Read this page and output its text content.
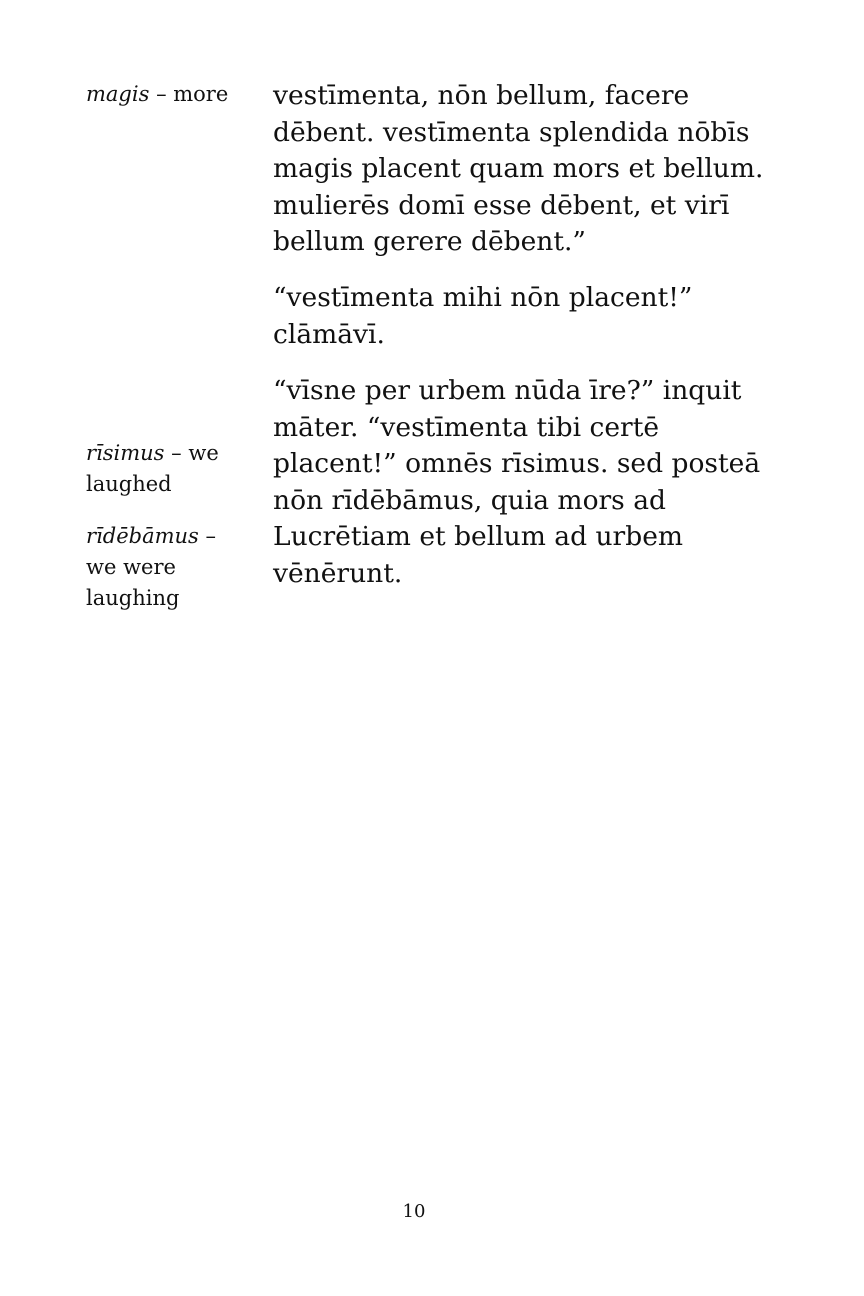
magis – more

rīsimus – we
laughed

rīdēbāmus –
we were
laughing

vestīmenta, nōn bellum, facere
dēbent. vestīmenta splendida nōbīs
magis placent quam mors et bellum.
mulierēs domī esse dēbent, et virī
bellum gerere dēbent.”

“vestīmenta mihi nōn placent!”
clāmāvī.

“vīsne per urbem nūda īre?” inquit
māter. “vestīmenta tibi certē
placent!” omnēs rīsimus. sed posteā
nōn rīdēbāmus, quia mors ad
Lucrētiam et bellum ad urbem
vēnērunt.

10
